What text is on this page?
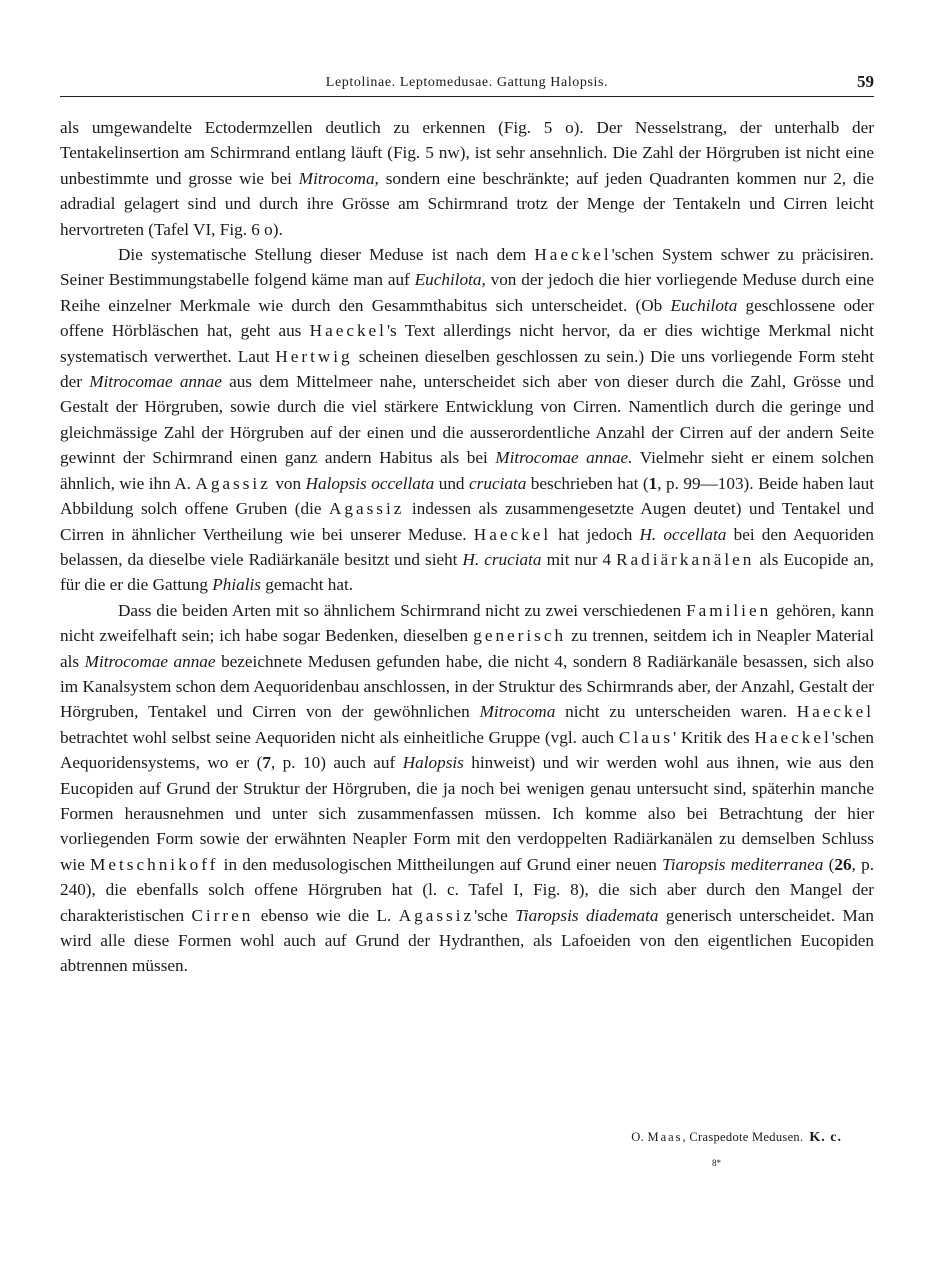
Leptolinae. Leptomedusae. Gattung Halopsis.	59

als umgewandelte Ectodermzellen deutlich zu erkennen (Fig. 5 o). Der Nesselstrang, der unterhalb der Tentakelinsertion am Schirmrand entlang läuft (Fig. 5 nw), ist sehr ansehnlich. Die Zahl der Hörgruben ist nicht eine unbestimmte und grosse wie bei Mitrocoma, sondern eine beschränkte; auf jeden Quadranten kommen nur 2, die adradial gelagert sind und durch ihre Grösse am Schirmrand trotz der Menge der Tentakeln und Cirren leicht hervortreten (Tafel VI, Fig. 6 o).

Die systematische Stellung dieser Meduse ist nach dem Haeckel'schen System schwer zu präcisiren. Seiner Bestimmungstabelle folgend käme man auf Euchilota, von der jedoch die hier vorliegende Meduse durch eine Reihe einzelner Merkmale wie durch den Gesammthabitus sich unterscheidet. (Ob Euchilota geschlossene oder offene Hörbläschen hat, geht aus Haeckel's Text allerdings nicht hervor, da er dies wichtige Merkmal nicht systematisch verwerthet. Laut Hertwig scheinen dieselben geschlossen zu sein.) Die uns vorliegende Form steht der Mitrocomae annae aus dem Mittelmeer nahe, unterscheidet sich aber von dieser durch die Zahl, Grösse und Gestalt der Hörgruben, sowie durch die viel stärkere Entwicklung von Cirren. Namentlich durch die geringe und gleichmässige Zahl der Hörgruben auf der einen und die ausserordentliche Anzahl der Cirren auf der andern Seite gewinnt der Schirmrand einen ganz andern Habitus als bei Mitrocomae annae. Vielmehr sieht er einem solchen ähnlich, wie ihn A. Agassiz von Halopsis occellata und cruciata beschrieben hat (1, p. 99—103). Beide haben laut Abbildung solch offene Gruben (die Agassiz indessen als zusammengesetzte Augen deutet) und Tentakel und Cirren in ähnlicher Vertheilung wie bei unserer Meduse. Haeckel hat jedoch H. occellata bei den Aequoriden belassen, da dieselbe viele Radiärkanäle besitzt und sieht H. cruciata mit nur 4 Radiärkanälen als Eucopide an, für die er die Gattung Phialis gemacht hat.

Dass die beiden Arten mit so ähnlichem Schirmrand nicht zu zwei verschiedenen Familien gehören, kann nicht zweifelhaft sein; ich habe sogar Bedenken, dieselben generisch zu trennen, seitdem ich in Neapler Material als Mitrocomae annae bezeichnete Medusen gefunden habe, die nicht 4, sondern 8 Radiärkanäle besassen, sich also im Kanalsystem schon dem Aequoridenbau anschlossen, in der Struktur des Schirmrands aber, der Anzahl, Gestalt der Hörgruben, Tentakel und Cirren von der gewöhnlichen Mitrocoma nicht zu unterscheiden waren. Haeckel betrachtet wohl selbst seine Aequoriden nicht als einheitliche Gruppe (vgl. auch Claus' Kritik des Haeckel'schen Aequoridensystems, wo er (7, p. 10) auch auf Halopsis hinweist) und wir werden wohl aus ihnen, wie aus den Eucopiden auf Grund der Struktur der Hörgruben, die ja noch bei wenigen genau untersucht sind, späterhin manche Formen herausnehmen und unter sich zusammenfassen müssen. Ich komme also bei Betrachtung der hier vorliegenden Form sowie der erwähnten Neapler Form mit den verdoppelten Radiärkanälen zu demselben Schluss wie Metschnikoff in den medusologischen Mittheilungen auf Grund einer neuen Tiaropsis mediterranea (26, p. 240), die ebenfalls solch offene Hörgruben hat (l. c. Tafel I, Fig. 8), die sich aber durch den Mangel der charakteristischen Cirren ebenso wie die L. Agassiz'sche Tiaropsis diademata generisch unterscheidet. Man wird alle diese Formen wohl auch auf Grund der Hydranthen, als Lafoeiden von den eigentlichen Eucopiden abtrennen müssen.

O. Maas, Craspedote Medusen. K. c.
8*
